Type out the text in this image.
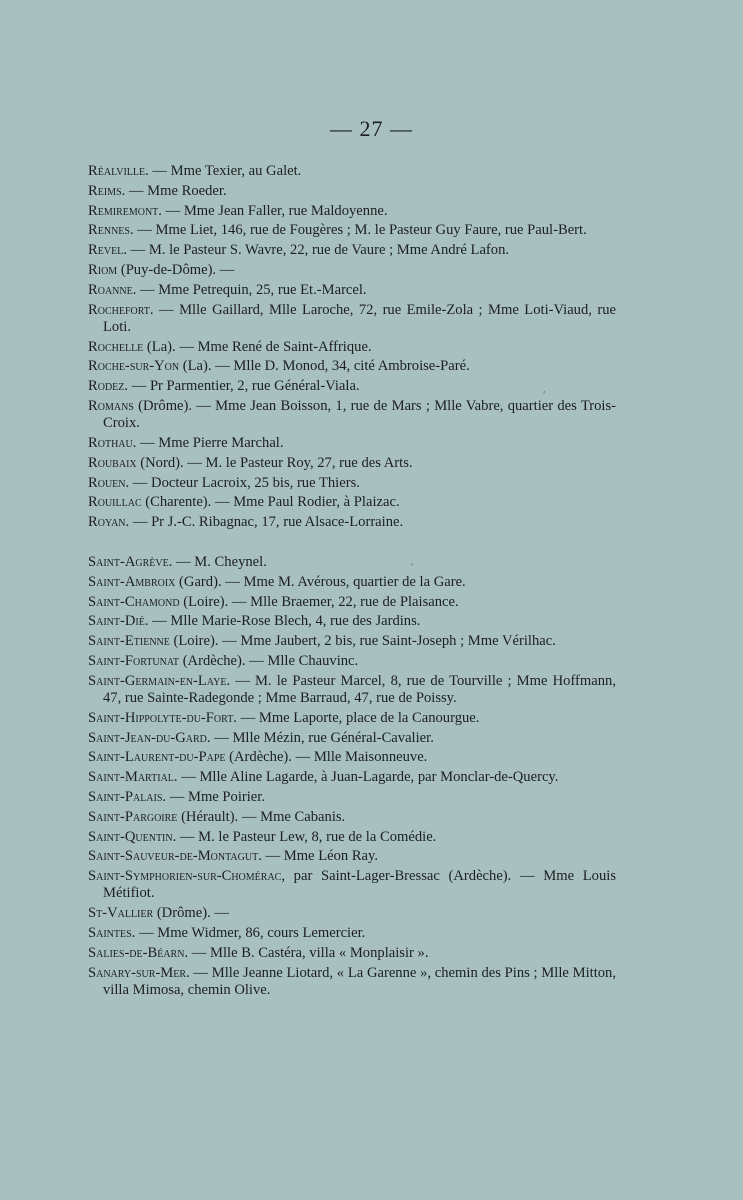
— 27 —
Réalville. — Mme Texier, au Galet.
Reims. — Mme Roeder.
Remiremont. — Mme Jean Faller, rue Maldoyenne.
Rennes. — Mme Liet, 146, rue de Fougères ; M. le Pasteur Guy Faure, rue Paul-Bert.
Revel. — M. le Pasteur S. Wavre, 22, rue de Vaure ; Mme André Lafon.
Riom (Puy-de-Dôme). —
Roanne. — Mme Petrequin, 25, rue Et.-Marcel.
Rochefort. — Mlle Gaillard, Mlle Laroche, 72, rue Emile-Zola ; Mme Loti-Viaud, rue Loti.
Rochelle (La). — Mme René de Saint-Affrique.
Roche-sur-Yon (La). — Mlle D. Monod, 34, cité Ambroise-Paré.
Rodez. — Pr Parmentier, 2, rue Général-Viala.
Romans (Drôme). — Mme Jean Boisson, 1, rue de Mars ; Mlle Vabre, quartier des Trois-Croix.
Rothau. — Mme Pierre Marchal.
Roubaix (Nord). — M. le Pasteur Roy, 27, rue des Arts.
Rouen. — Docteur Lacroix, 25 bis, rue Thiers.
Rouillac (Charente). — Mme Paul Rodier, à Plaizac.
Royan. — Pr J.-C. Ribagnac, 17, rue Alsace-Lorraine.
Saint-Agrève. — M. Cheynel.
Saint-Ambroix (Gard). — Mme M. Avérous, quartier de la Gare.
Saint-Chamond (Loire). — Mlle Braemer, 22, rue de Plaisance.
Saint-Dié. — Mlle Marie-Rose Blech, 4, rue des Jardins.
Saint-Etienne (Loire). — Mme Jaubert, 2 bis, rue Saint-Joseph ; Mme Vérilhac.
Saint-Fortunat (Ardèche). — Mlle Chauvinc.
Saint-Germain-en-Laye. — M. le Pasteur Marcel, 8, rue de Tourville ; Mme Hoffmann, 47, rue Sainte-Radegonde ; Mme Barraud, 47, rue de Poissy.
Saint-Hippolyte-du-Fort. — Mme Laporte, place de la Canourgue.
Saint-Jean-du-Gard. — Mlle Mézin, rue Général-Cavalier.
Saint-Laurent-du-Pape (Ardèche). — Mlle Maisonneuve.
Saint-Martial. — Mlle Aline Lagarde, à Juan-Lagarde, par Monclar-de-Quercy.
Saint-Palais. — Mme Poirier.
Saint-Pargoire (Hérault). — Mme Cabanis.
Saint-Quentin. — M. le Pasteur Lew, 8, rue de la Comédie.
Saint-Sauveur-de-Montagut. — Mme Léon Ray.
Saint-Symphorien-sur-Chomérac, par Saint-Lager-Bressac (Ardèche). — Mme Louis Métifiot.
St-Vallier (Drôme). —
Saintes. — Mme Widmer, 86, cours Lemercier.
Salies-de-Béarn. — Mlle B. Castéra, villa « Monplaisir ».
Sanary-sur-Mer. — Mlle Jeanne Liotard, « La Garenne », chemin des Pins ; Mlle Mitton, villa Mimosa, chemin Olive.
ʹ
ˋ
